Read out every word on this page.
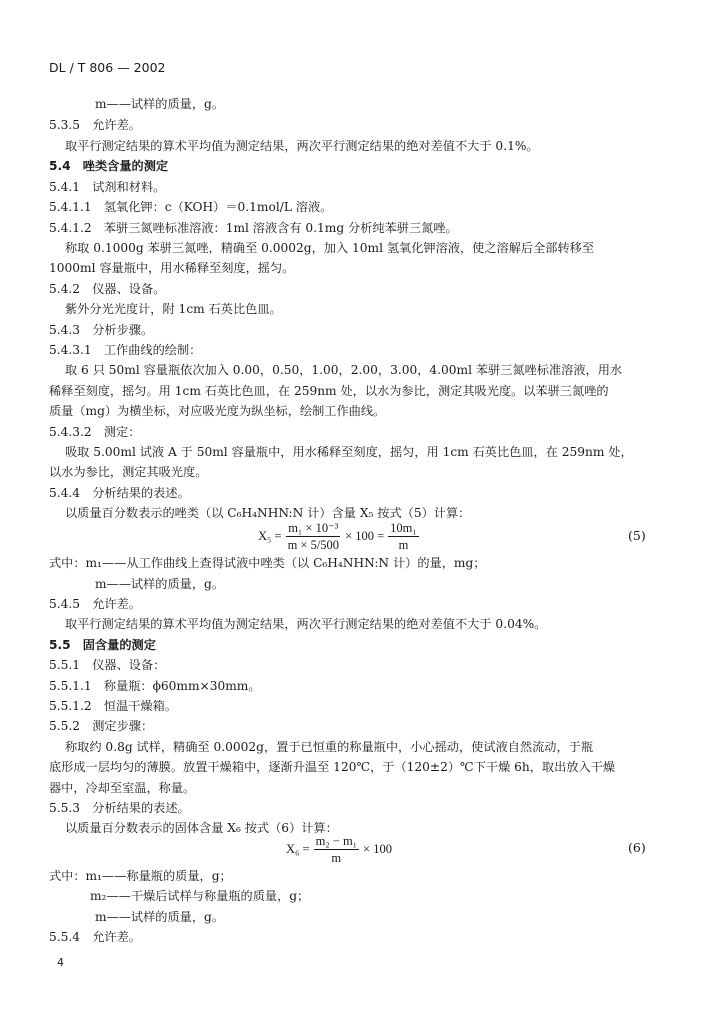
DL / T 806 — 2002
m——试样的质量，g。
5.3.5　允许差。
取平行测定结果的算术平均值为测定结果，两次平行测定结果的绝对差值不大于 0.1%。
5.4　唑类含量的测定
5.4.1　试剂和材料。
5.4.1.1　氢氧化钾：c（KOH）＝0.1mol/L 溶液。
5.4.1.2　苯骈三氮唑标准溶液：1ml 溶液含有 0.1mg 分析纯苯骈三氮唑。
称取 0.1000g 苯骈三氮唑，精确至 0.0002g，加入 10ml 氢氧化钾溶液，使之溶解后全部转移至
1000ml 容量瓶中，用水稀释至刻度，摇匀。
5.4.2　仪器、设备。
紫外分光光度计，附 1cm 石英比色皿。
5.4.3　分析步骤。
5.4.3.1　工作曲线的绘制：
取 6 只 50ml 容量瓶依次加入 0.00，0.50，1.00，2.00，3.00，4.00ml 苯骈三氮唑标准溶液，用水
稀释至刻度，摇匀。用 1cm 石英比色皿，在 259nm 处，以水为参比，测定其吸光度。以苯骈三氮唑的
质量（mg）为横坐标，对应吸光度为纵坐标，绘制工作曲线。
5.4.3.2　测定：
吸取 5.00ml 试液 A 于 50ml 容量瓶中，用水稀释至刻度，摇匀，用 1cm 石英比色皿，在 259nm 处，
以水为参比，测定其吸光度。
5.4.4　分析结果的表述。
以质量百分数表示的唑类（以 C₆H₄NHN:N 计）含量 X₅ 按式（5）计算：
$X_5 = \frac{\text{m₁ × 10⁻³}}{m \times 5/500} \times 100 = \frac{\text{10m₁}}{m}$	(5)
式中：m₁——从工作曲线上查得试液中唑类（以 C₆H₄NHN:N 计）的量，mg；
m——试样的质量，g。
5.4.5　允许差。
取平行测定结果的算术平均值为测定结果，两次平行测定结果的绝对差值不大于 0.04%。
5.5　固含量的测定
5.5.1　仪器、设备：
5.5.1.1　称量瓶：ϕ60mm×30mm。
5.5.1.2　恒温干燥箱。
5.5.2　测定步骤：
称取约 0.8g 试样，精确至 0.0002g，置于已恒重的称量瓶中，小心摇动，使试液自然流动，于瓶
底形成一层均匀的薄膜。放置干燥箱中，逐渐升温至 120℃，于（120±2）℃下干燥 6h，取出放入干燥
器中，冷却至室温，称量。
5.5.3　分析结果的表述。
以质量百分数表示的固体含量 X₆ 按式（6）计算：
$X_6 = \frac{\text{m₂ − m₁}}{m} \times 100$	(6)
式中：m₁——称量瓶的质量，g；
m₂——干燥后试样与称量瓶的质量，g；
m——试样的质量，g。
5.5.4　允许差。
4
